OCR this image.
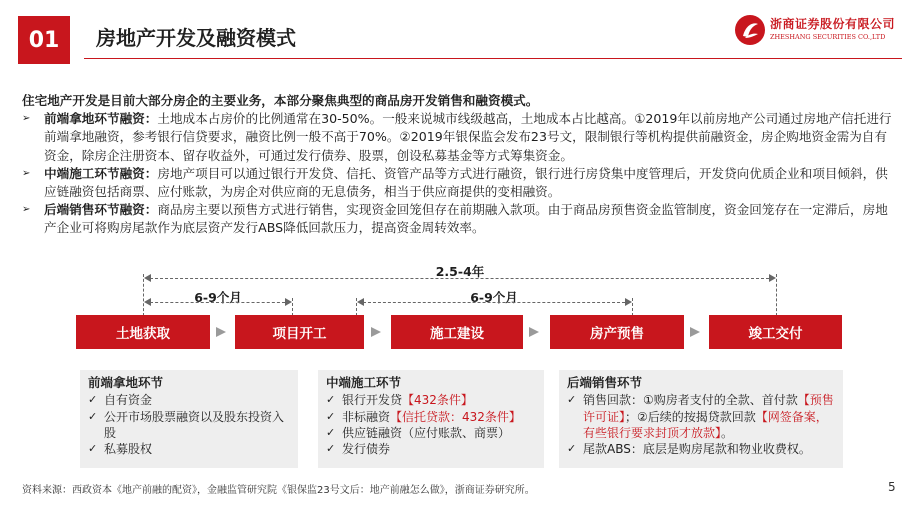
01	房地产开发及融资模式
浙商证券股份有限公司
ZHESHANG SECURITIES CO.,LTD
住宅地产开发是目前大部分房企的主要业务，本部分聚焦典型的商品房开发销售和融资模式。
➢	前端拿地环节融资：土地成本占房价的比例通常在30-50%。一般来说城市线级越高，土地成本占比越高。①2019年以前房地产公司通过房地产信托进行前端拿地融资，参考银行信贷要求，融资比例一般不高于70%。②2019年银保监会发布23号文，限制银行等机构提供前融资金，房企购地资金需为自有资金，除房企注册资本、留存收益外，可通过发行债券、股票，创设私募基金等方式筹集资金。
➢	中端施工环节融资：房地产项目可以通过银行开发贷、信托、资管产品等方式进行融资，银行进行房贷集中度管理后，开发贷向优质企业和项目倾斜，供应链融资包括商票、应付账款，为房企对供应商的无息债务，相当于供应商提供的变相融资。
➢	后端销售环节融资：商品房主要以预售方式进行销售，实现资金回笼但存在前期融入款项。由于商品房预售资金监管制度，资金回笼存在一定滞后，房地产企业可将购房尾款作为底层资产发行ABS降低回款压力，提高资金周转效率。
2.5-4年
6-9个月	6-9个月
土地获取	项目开工	施工建设	房产预售	竣工交付
前端拿地环节
✓ 自有资金
✓ 公开市场股票融资以及股东投资入股
✓ 私募股权
中端施工环节
✓ 银行开发贷【432条件】
✓ 非标融资【信托贷款：432条件】
✓ 供应链融资（应付账款、商票）
✓ 发行债券
后端销售环节
✓ 销售回款：①购房者支付的全款、首付款【预售许可证】；②后续的按揭贷款回款【网签备案，有些银行要求封顶才放款】。
✓ 尾款ABS：底层是购房尾款和物业收费权。
资料来源：西政资本《地产前融的配资》，金融监管研究院《银保监23号文后：地产前融怎么做》，浙商证券研究所。	5
